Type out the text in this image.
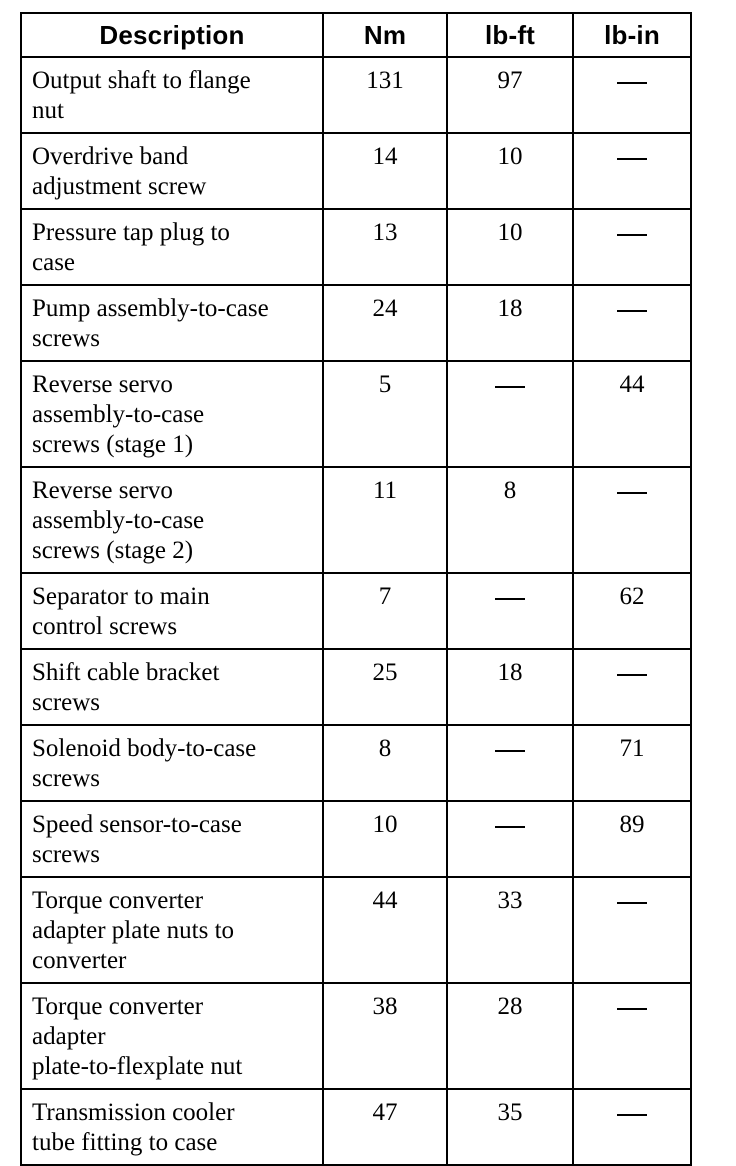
Description	Nm	lb-ft	lb-in

Output shaft to flange
nut	131	97	

Overdrive band
adjustment screw	14	10	

Pressure tap plug to
case	13	10	

Pump assembly-to-case
screws	24	18	

Reverse servo
assembly-to-case
screws (stage 1)	5		44

Reverse servo
assembly-to-case
screws (stage 2)	11	8	

Separator to main
control screws	7		62

Shift cable bracket
screws	25	18	

Solenoid body-to-case
screws	8		71

Speed sensor-to-case
screws	10		89

Torque converter
adapter plate nuts to
converter	44	33	

Torque converter
adapter
plate-to-flexplate nut	38	28	

Transmission cooler
tube fitting to case	47	35	
